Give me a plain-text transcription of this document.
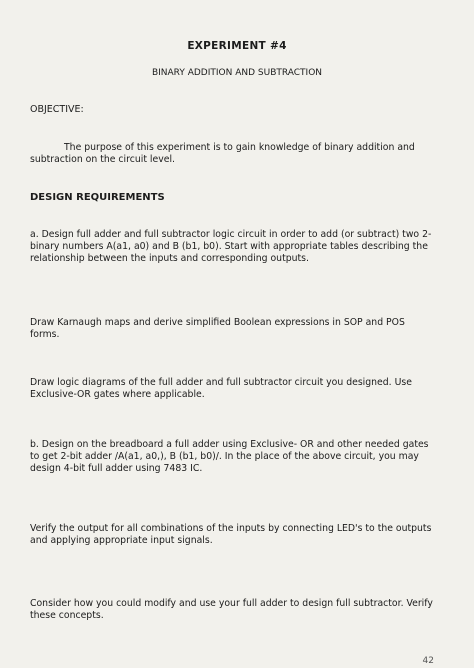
EXPERIMENT #4

BINARY ADDITION AND SUBTRACTION

OBJECTIVE:

The purpose of this experiment is to gain knowledge of binary addition and subtraction on the circuit level.

DESIGN REQUIREMENTS

a. Design full adder and full subtractor logic circuit in order to add (or subtract) two 2-binary numbers A(a1, a0) and B (b1, b0). Start with appropriate tables describing the relationship between the inputs and corresponding outputs.

Draw Karnaugh maps and derive simplified Boolean expressions in SOP and POS forms.

Draw logic diagrams of the full adder and full subtractor circuit you designed. Use Exclusive-OR gates where applicable.

b. Design on the breadboard a full adder using Exclusive- OR and other needed gates to get 2-bit adder /A(a1, a0,), B (b1, b0)/. In the place of the above circuit, you may design 4-bit full adder using 7483 IC.

Verify the output for all combinations of the inputs by connecting LED's to the outputs and applying appropriate input signals.

Consider how you could modify and use your full adder to design full subtractor. Verify these concepts.

42
